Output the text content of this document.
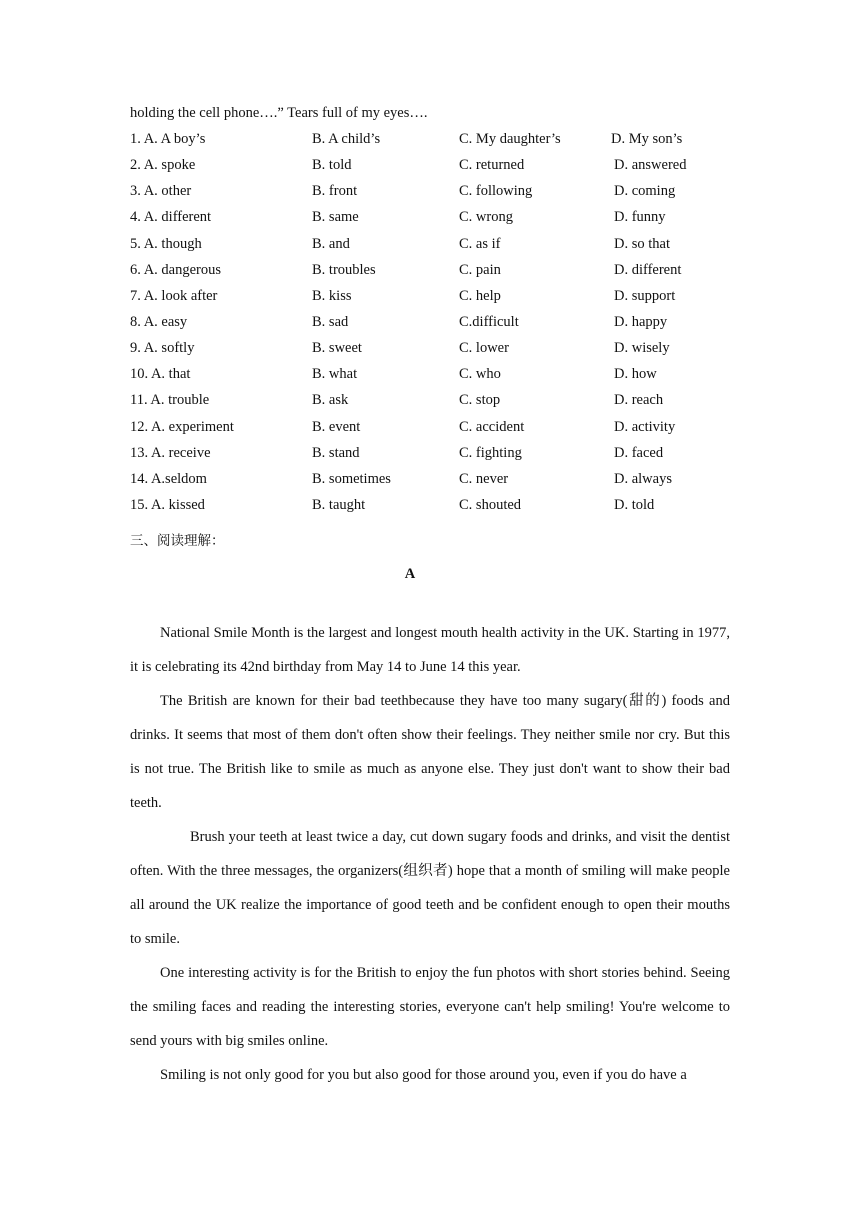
holding the cell phone….” Tears full of my eyes….
1. A. A boy’s	B. A child’s	C. My daughter’s	D. My son’s
2. A. spoke	B. told	C. returned	D. answered
3. A. other	B. front	C. following	D. coming
4. A. different	B. same	C. wrong	D. funny
5. A. though	B. and	C. as if	D. so that
6. A. dangerous	B. troubles	C. pain	D. different
7. A. look after	B. kiss	C. help	D. support
8. A. easy	B. sad	C.difficult	D. happy
9. A. softly	B. sweet	C. lower	D. wisely
10. A. that	B. what	C. who	D. how
11. A. trouble	B. ask	C. stop	D. reach
12. A. experiment	B. event	C. accident	D. activity
13. A. receive	B. stand	C. fighting	D. faced
14. A.seldom	B. sometimes	C. never	D. always
15. A. kissed	B. taught	C. shouted	D. told
三、阅读理解：
A

National Smile Month is the largest and longest mouth health activity in the UK. Starting in 1977, it is celebrating its 42nd birthday from May 14 to June 14 this year.

The British are known for their bad teethbecause they have too many sugary(甜的) foods and drinks. It seems that most of them don't often show their feelings. They neither smile nor cry. But this is not true. The British like to smile as much as anyone else. They just don't want to show their bad teeth.

Brush your teeth at least twice a day, cut down sugary foods and drinks, and visit the dentist often. With the three messages, the organizers(组织者) hope that a month of smiling will make people all around the UK realize the importance of good teeth and be confident enough to open their mouths to smile.

One interesting activity is for the British to enjoy the fun photos with short stories behind. Seeing the smiling faces and reading the interesting stories, everyone can't help smiling! You're welcome to send yours with big smiles online.

Smiling is not only good for you but also good for those around you, even if you do have a
